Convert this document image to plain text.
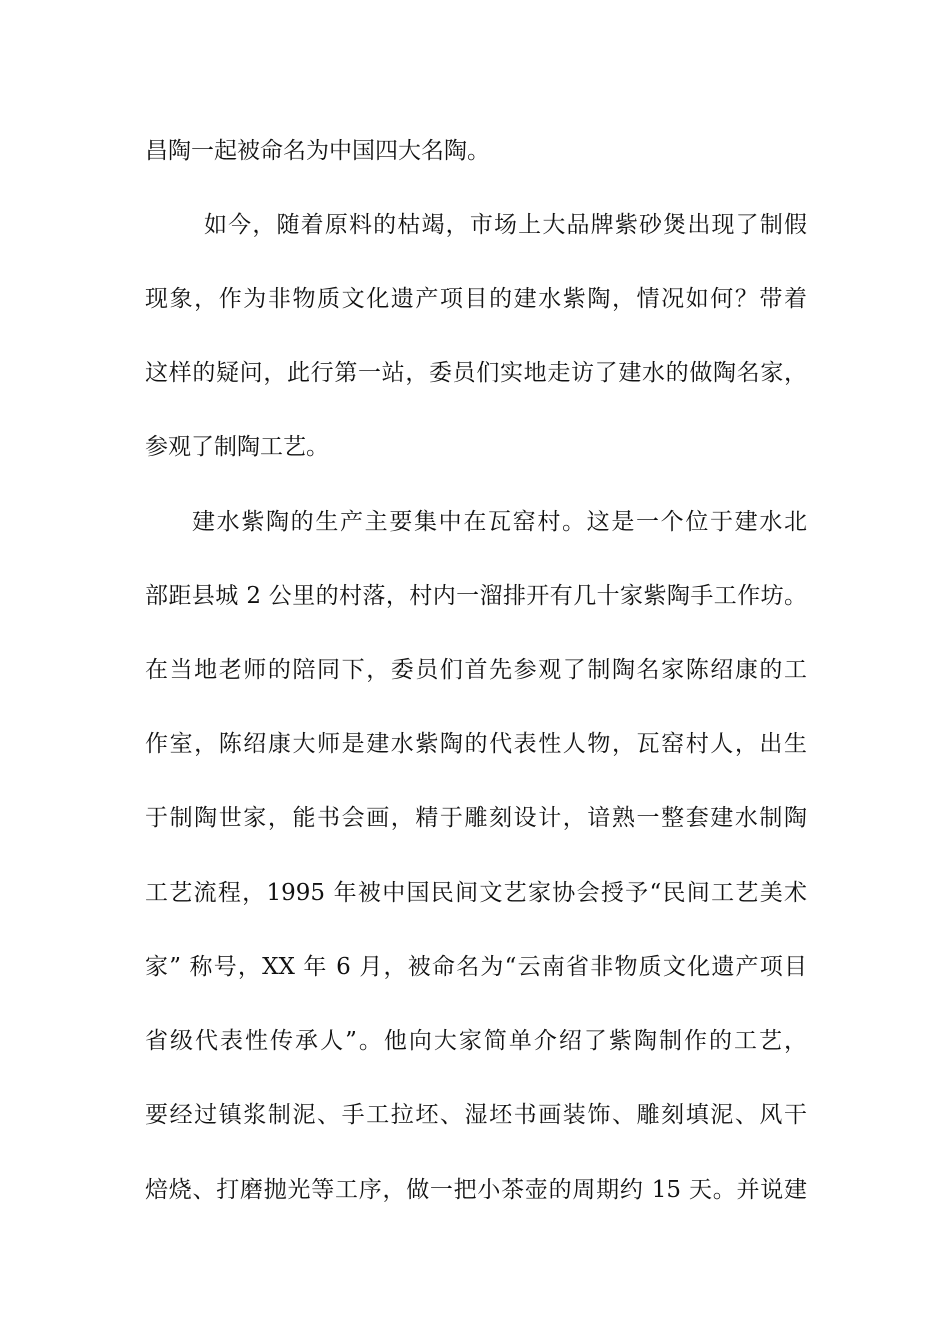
昌陶一起被命名为中国四大名陶。
如今，随着原料的枯竭，市场上大品牌紫砂煲出现了制假
现象，作为非物质文化遗产项目的建水紫陶，情况如何？带着
这样的疑问，此行第一站，委员们实地走访了建水的做陶名家，
参观了制陶工艺。
建水紫陶的生产主要集中在瓦窑村。这是一个位于建水北
部距县城 2 公里的村落，村内一溜排开有几十家紫陶手工作坊。
在当地老师的陪同下，委员们首先参观了制陶名家陈绍康的工
作室，陈绍康大师是建水紫陶的代表性人物，瓦窑村人，出生
于制陶世家，能书会画，精于雕刻设计，谙熟一整套建水制陶
工艺流程，1995 年被中国民间文艺家协会授予“民间工艺美术
家” 称号，XX 年 6 月，被命名为“云南省非物质文化遗产项目
省级代表性传承人”。他向大家简单介绍了紫陶制作的工艺，
要经过镇浆制泥、手工拉坯、湿坯书画装饰、雕刻填泥、风干
焙烧、打磨抛光等工序，做一把小茶壶的周期约 15 天。并说建
